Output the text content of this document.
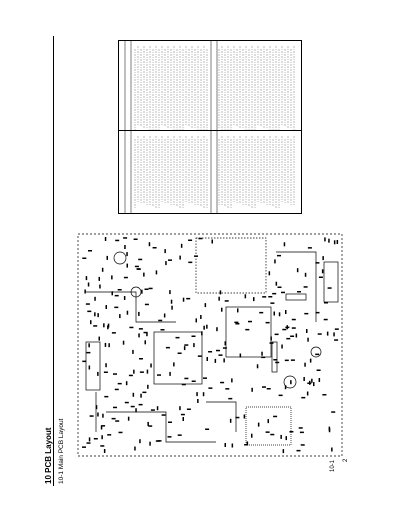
10 PCB Layout 10-1 Main PCB Layout	10-1 2
